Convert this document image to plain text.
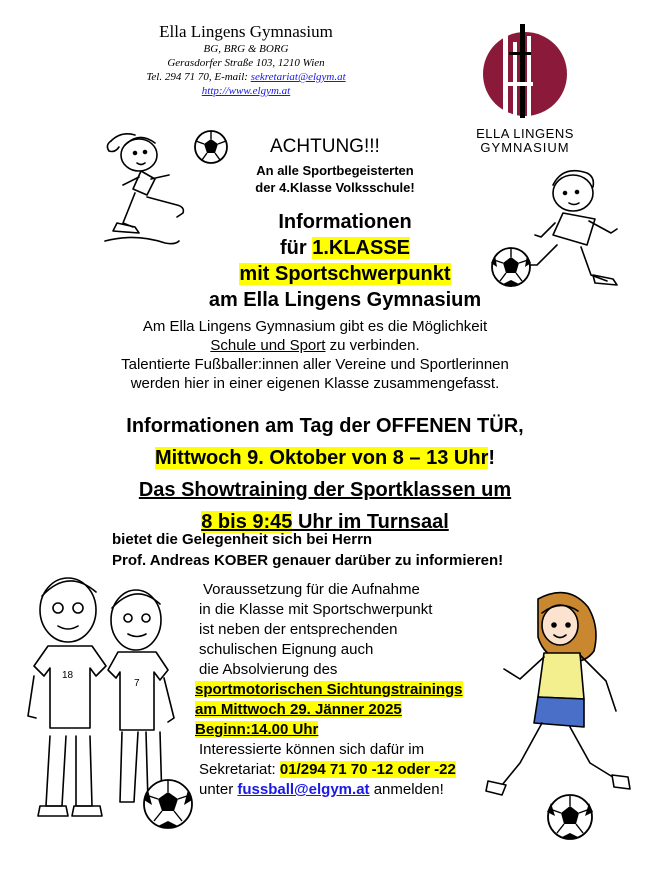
Ella Lingens Gymnasium
BG, BRG & BORG
Gerasdorfer Straße 103, 1210 Wien
Tel. 294 71 70, E-mail: sekretariat@elgym.at
http://www.elgym.at
ELLA LINGENS
GYMNASIUM
ACHTUNG!!!
An alle Sportbegeisterten
der 4.Klasse Volksschule!
Informationen
für 1.KLASSE
mit Sportschwerpunkt
am Ella Lingens Gymnasium
Am Ella Lingens Gymnasium gibt es die Möglichkeit
Schule und Sport zu verbinden.
Talentierte Fußballer:innen aller Vereine und Sportlerinnen
werden hier in einer eigenen Klasse zusammengefasst.
Informationen am Tag der OFFENEN TÜR,
Mittwoch 9. Oktober von 8 – 13 Uhr!
Das Showtraining der Sportklassen um
8 bis 9:45 Uhr im Turnsaal
bietet die Gelegenheit sich bei Herrn
Prof. Andreas KOBER genauer darüber zu informieren!
18
7
Voraussetzung für die Aufnahme
in die Klasse mit Sportschwerpunkt
ist neben der entsprechenden
schulischen Eignung auch
die Absolvierung des
sportmotorischen Sichtungstrainings
am Mittwoch 29. Jänner 2025
Beginn:14.00 Uhr
Interessierte können sich dafür im
Sekretariat: 01/294 71 70 -12 oder -22
unter fussball@elgym.at anmelden!
